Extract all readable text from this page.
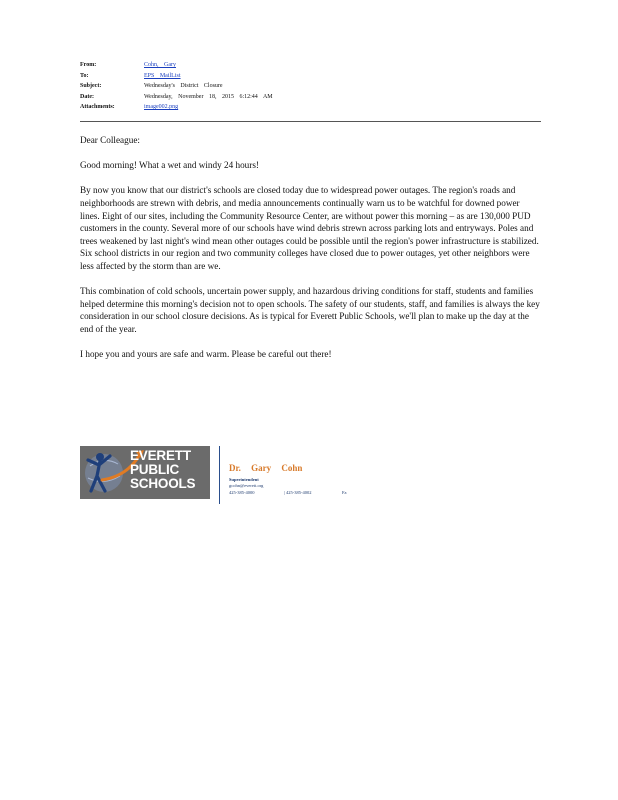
From:	Cohn, Gary
To:	EPS MailList
Subject:	Wednesday's District Closure
Date:	Wednesday, November 18, 2015 6:12:44 AM
Attachments:	image002.png

Dear Colleague:

Good morning! What a wet and windy 24 hours!

By now you know that our district's schools are closed today due to widespread power outages. The region's roads and neighborhoods are strewn with debris, and media announcements continually warn us to be watchful for downed power lines. Eight of our sites, including the Community Resource Center, are without power this morning – as are 130,000 PUD customers in the county. Several more of our schools have wind debris strewn across parking lots and entryways. Poles and trees weakened by last night's wind mean other outages could be possible until the region's power infrastructure is stabilized. Six school districts in our region and two community colleges have closed due to power outages, yet other neighbors were less affected by the storm than are we.

This combination of cold schools, uncertain power supply, and hazardous driving conditions for staff, students and families helped determine this morning's decision not to open schools. The safety of our students, staff, and families is always the key consideration in our school closure decisions. As is typical for Everett Public Schools, we'll plan to make up the day at the end of the year.

I hope you and yours are safe and warm. Please be careful out there!

EVERETT
PUBLIC
SCHOOLS
Dr. Gary Cohn
Superintendent
gcohn@everett.org
425-385-4000	| 425-385-4002	Fa
